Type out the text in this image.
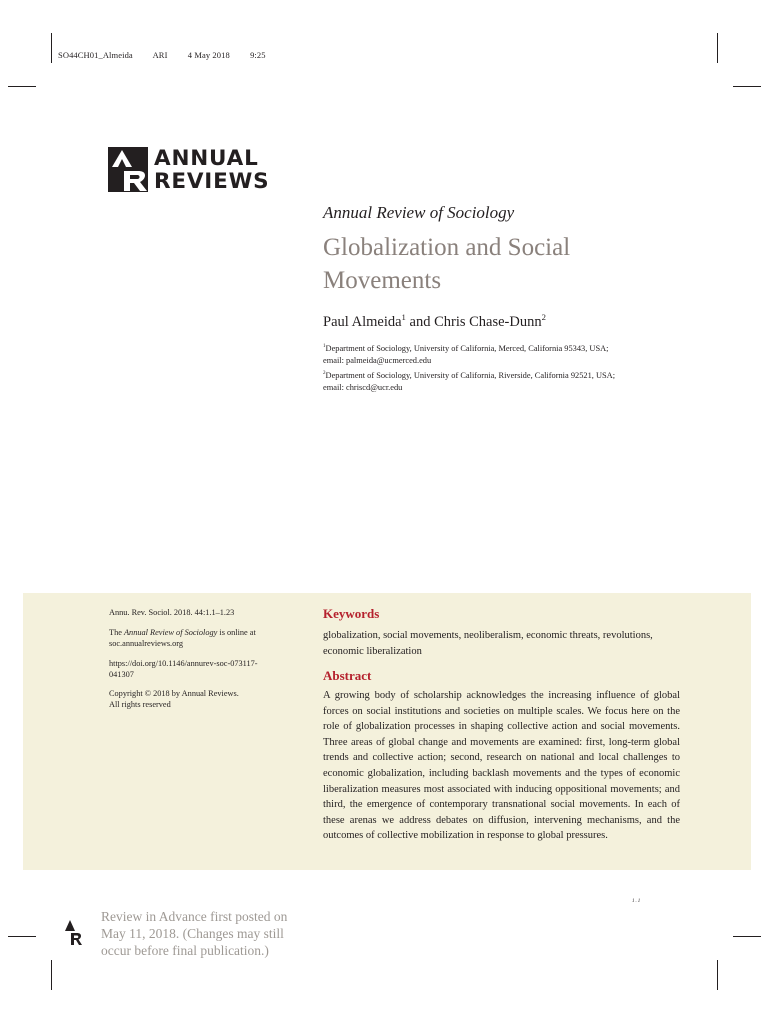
SO44CH01_Almeida ARI 4 May 2018 9:25
ANNUAL
REVIEWS
Annual Review of Sociology
Globalization and Social Movements
Paul Almeida$^1$ and Chris Chase-Dunn$^2$
$^1$Department of Sociology, University of California, Merced, California 95343, USA;
email: palmeida@ucmerced.edu
$^2$Department of Sociology, University of California, Riverside, California 92521, USA;
email: chriscd@ucr.edu
Annu. Rev. Sociol. 2018. 44:1.1–1.23
The Annual Review of Sociology is online at
soc.annualreviews.org
https://doi.org/10.1146/annurev-soc-073117-
041307
Copyright © 2018 by Annual Reviews.
All rights reserved
Keywords
globalization, social movements, neoliberalism, economic threats, revolutions, economic liberalization
Abstract
A growing body of scholarship acknowledges the increasing influence of global forces on social institutions and societies on multiple scales. We focus here on the role of globalization processes in shaping collective action and social movements. Three areas of global change and movements are examined: first, long-term global trends and collective action; second, research on national and local challenges to economic globalization, including backlash movements and the types of economic liberalization measures most associated with inducing oppositional movements; and third, the emergence of contemporary transnational social movements. In each of these arenas we address debates on diffusion, intervening mechanisms, and the outcomes of collective mobilization in response to global pressures.
1.1
Review in Advance first posted on May 11, 2018. (Changes may still occur before final publication.)
